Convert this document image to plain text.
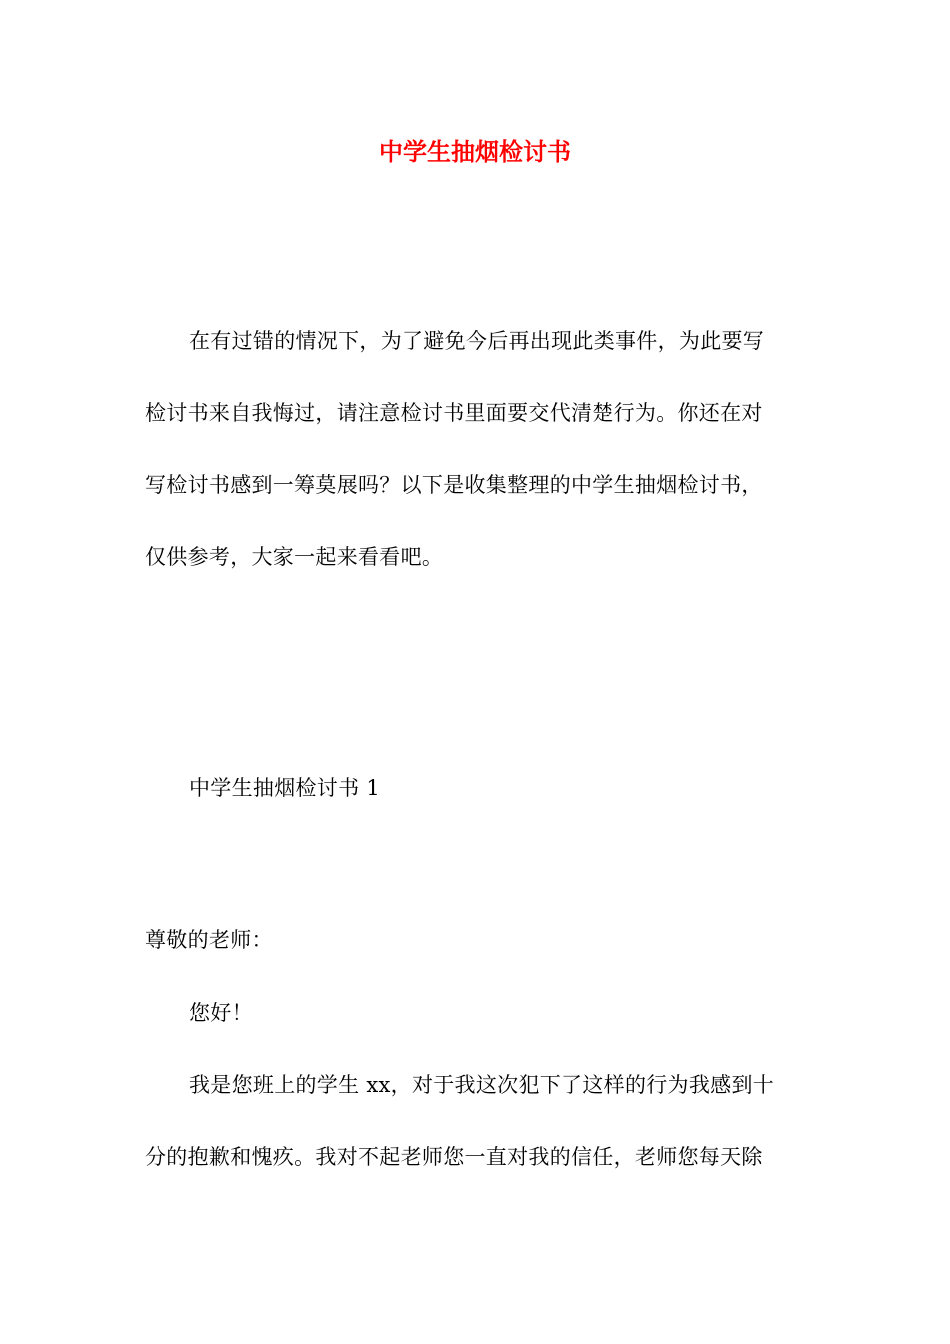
中学生抽烟检讨书
在有过错的情况下，为了避免今后再出现此类事件，为此要写
检讨书来自我悔过，请注意检讨书里面要交代清楚行为。你还在对
写检讨书感到一筹莫展吗？以下是收集整理的中学生抽烟检讨书，
仅供参考，大家一起来看看吧。
中学生抽烟检讨书 1
尊敬的老师：
您好！
我是您班上的学生 xx，对于我这次犯下了这样的行为我感到十
分的抱歉和愧疚。我对不起老师您一直对我的信任，老师您每天除
